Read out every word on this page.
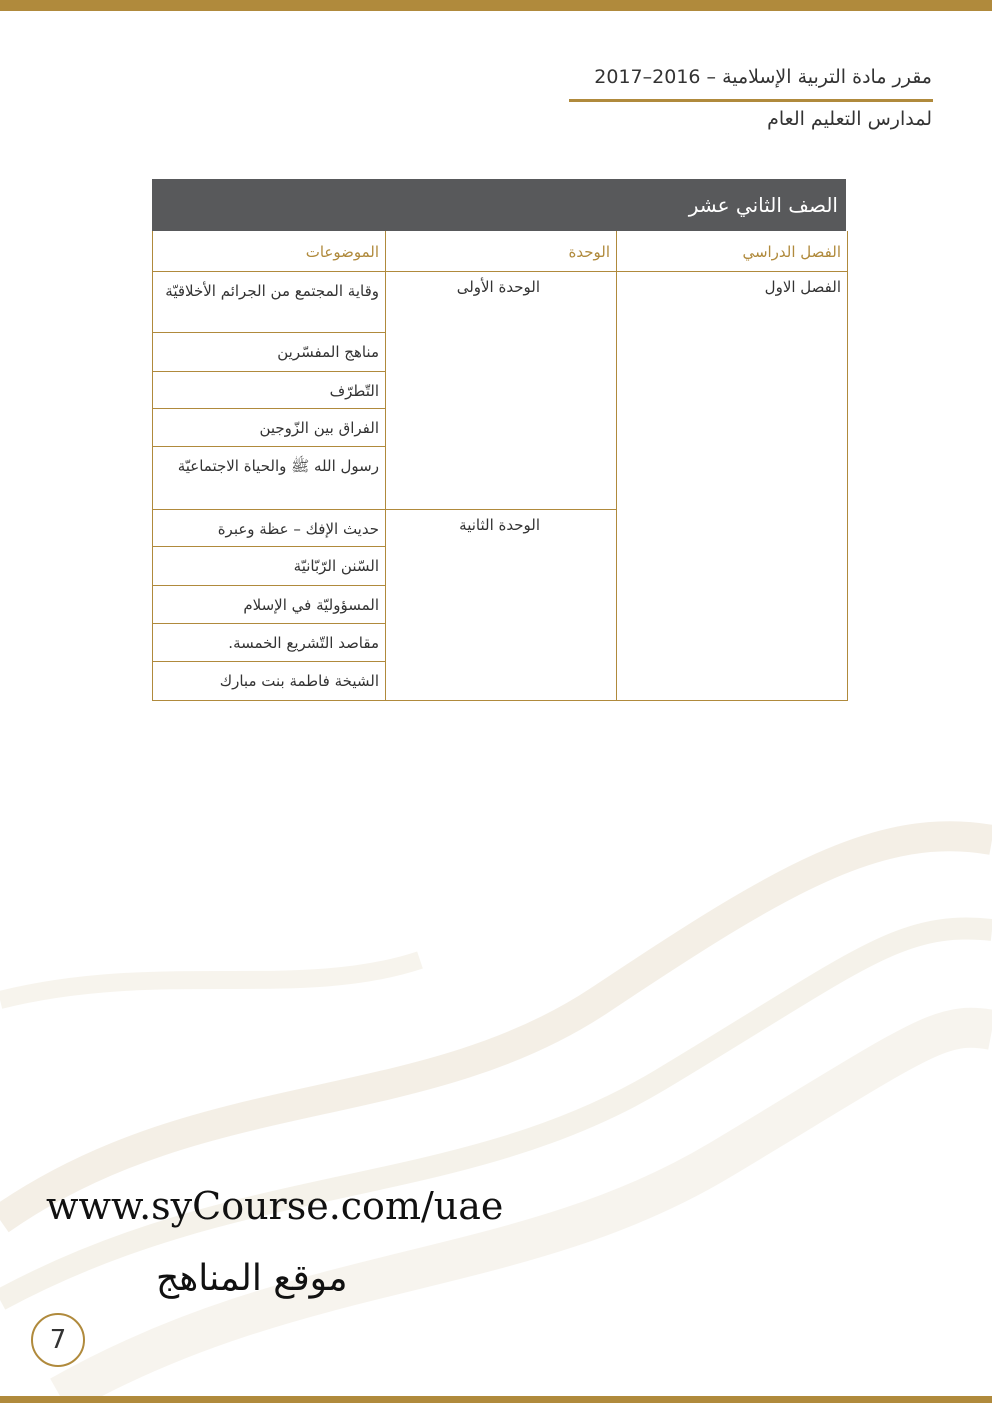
مقرر مادة التربية الإسلامية – 2016–2017
لمدارس التعليم العام
الصف الثاني عشر
الفصل الدراسي	الوحدة	الموضوعات
الفصل الاول	الوحدة الأولى	وقاية المجتمع من الجرائم الأخلاقيّة
		مناهج المفسّرين
		التّطرّف
		الفراق بين الزّوجين
		رسول الله ﷺ والحياة الاجتماعيّة
	الوحدة الثانية	حديث الإفك – عظة وعبرة
		السّنن الرّبّانيّة
		المسؤوليّة في الإسلام
		مقاصد التّشريع الخمسة.
		الشيخة فاطمة بنت مبارك
www.syCourse.com/uae
موقع المناهج
7
